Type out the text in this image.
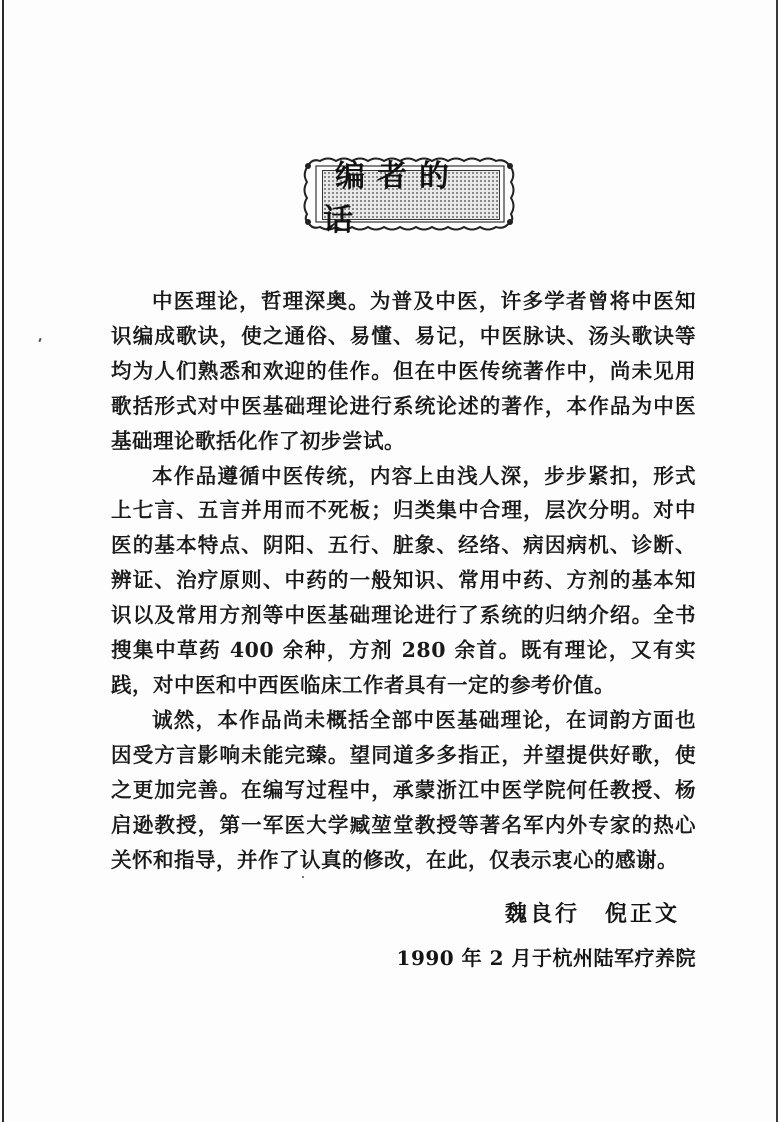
编者的话

中医理论，哲理深奥。为普及中医，许多学者曾将中医知识编成歌诀，使之通俗、易懂、易记，中医脉诀、汤头歌诀等均为人们熟悉和欢迎的佳作。但在中医传统著作中，尚未见用歌括形式对中医基础理论进行系统论述的著作，本作品为中医基础理论歌括化作了初步尝试。

本作品遵循中医传统，内容上由浅人深，步步紧扣，形式上七言、五言并用而不死板；归类集中合理，层次分明。对中医的基本特点、阴阳、五行、脏象、经络、病因病机、诊断、辨证、治疗原则、中药的一般知识、常用中药、方剂的基本知识以及常用方剂等中医基础理论进行了系统的归纳介绍。全书搜集中草药 400 余种，方剂 280 余首。既有理论，又有实践，对中医和中西医临床工作者具有一定的参考价值。

诚然，本作品尚未概括全部中医基础理论，在词韵方面也因受方言影响未能完臻。望同道多多指正，并望提供好歌，使之更加完善。在编写过程中，承蒙浙江中医学院何任教授、杨启逊教授，第一军医大学臧堃堂教授等著名军内外专家的热心关怀和指导，并作了认真的修改，在此，仅表示衷心的感谢。

魏良行　倪正文
1990 年 2 月于杭州陆军疗养院
